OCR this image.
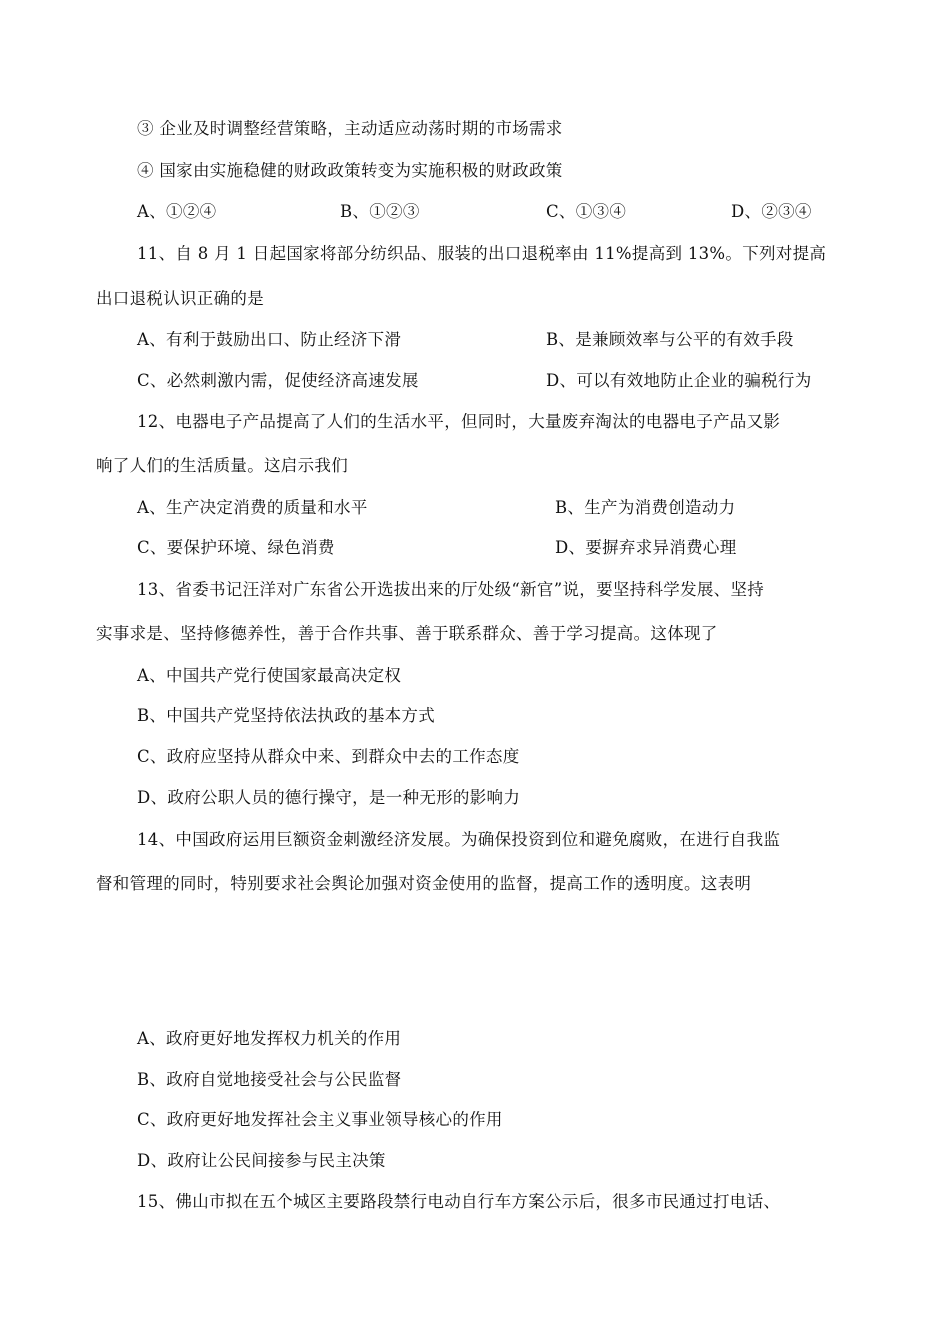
③ 企业及时调整经营策略，主动适应动荡时期的市场需求
④ 国家由实施稳健的财政政策转变为实施积极的财政政策
A、①②④	B、①②③	C、①③④	D、②③④
11、自 8 月 1 日起国家将部分纺织品、服装的出口退税率由 11%提高到 13%。下列对提高
出口退税认识正确的是
A、有利于鼓励出口、防止经济下滑	B、是兼顾效率与公平的有效手段
C、必然刺激内需，促使经济高速发展	D、可以有效地防止企业的骗税行为
12、电器电子产品提高了人们的生活水平，但同时，大量废弃淘汰的电器电子产品又影
响了人们的生活质量。这启示我们
A、生产决定消费的质量和水平	B、生产为消费创造动力
C、要保护环境、绿色消费	D、要摒弃求异消费心理
13、省委书记汪洋对广东省公开选拔出来的厅处级“新官”说，要坚持科学发展、坚持
实事求是、坚持修德养性，善于合作共事、善于联系群众、善于学习提高。这体现了
A、中国共产党行使国家最高决定权
B、中国共产党坚持依法执政的基本方式
C、政府应坚持从群众中来、到群众中去的工作态度
D、政府公职人员的德行操守，是一种无形的影响力
14、中国政府运用巨额资金刺激经济发展。为确保投资到位和避免腐败，在进行自我监
督和管理的同时，特别要求社会舆论加强对资金使用的监督，提高工作的透明度。这表明
A、政府更好地发挥权力机关的作用
B、政府自觉地接受社会与公民监督
C、政府更好地发挥社会主义事业领导核心的作用
D、政府让公民间接参与民主决策
15、佛山市拟在五个城区主要路段禁行电动自行车方案公示后，很多市民通过打电话、
